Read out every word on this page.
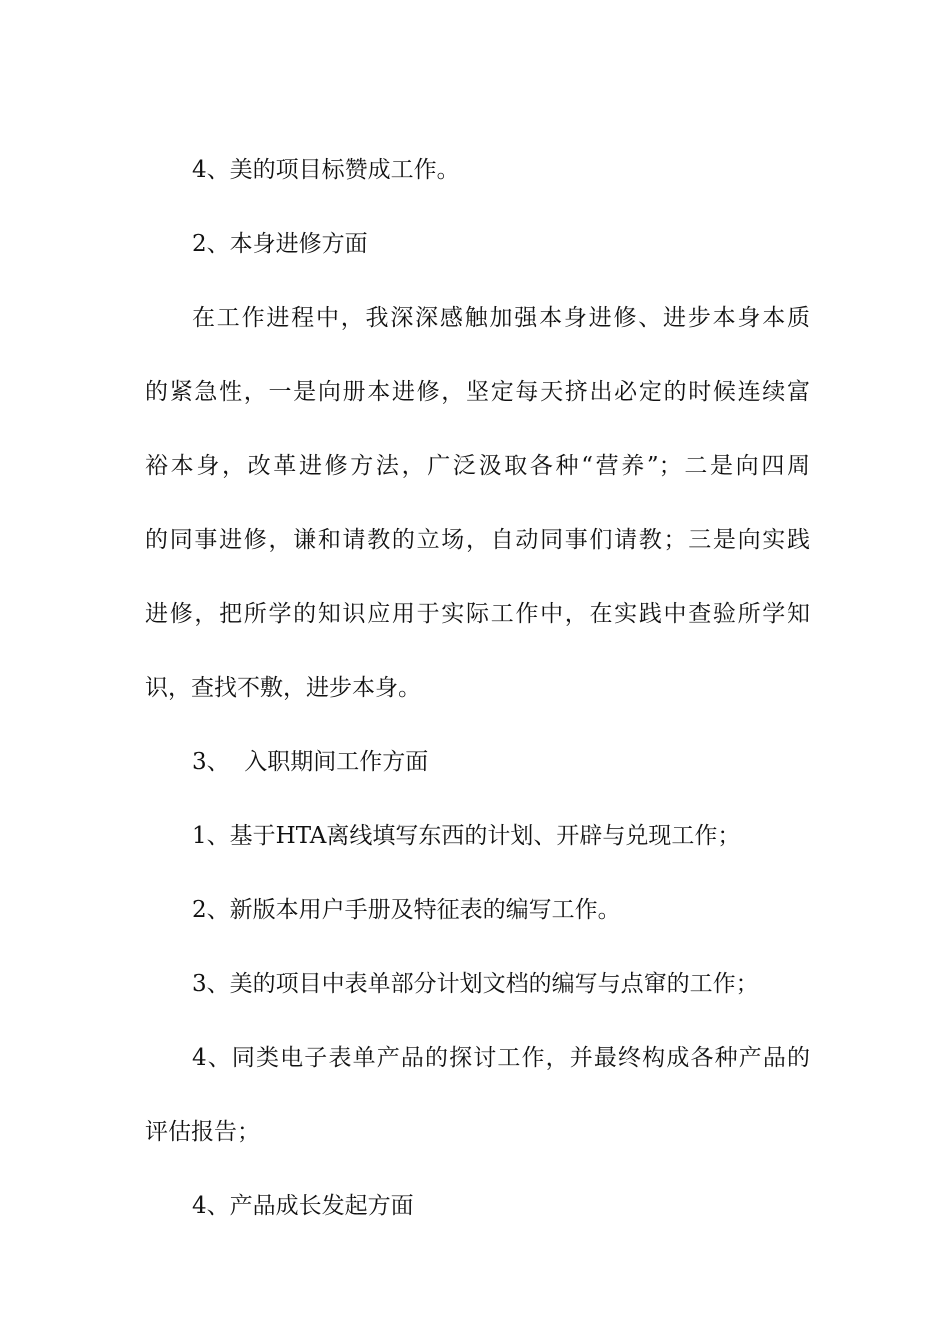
4、美的项目标赞成工作。
2、本身进修方面
在工作进程中，我深深感触加强本身进修、进步本身本质
的紧急性，一是向册本进修，坚定每天挤出必定的时候连续富
裕本身，改革进修方法，广泛汲取各种“营养”；二是向四周
的同事进修，谦和请教的立场，自动同事们请教；三是向实践
进修，把所学的知识应用于实际工作中，在实践中查验所学知
识，查找不敷，进步本身。
3、  入职期间工作方面
1、基于HTA离线填写东西的计划、开辟与兑现工作；
2、新版本用户手册及特征表的编写工作。
3、美的项目中表单部分计划文档的编写与点窜的工作；
4、同类电子表单产品的探讨工作，并最终构成各种产品的
评估报告；
4、产品成长发起方面
